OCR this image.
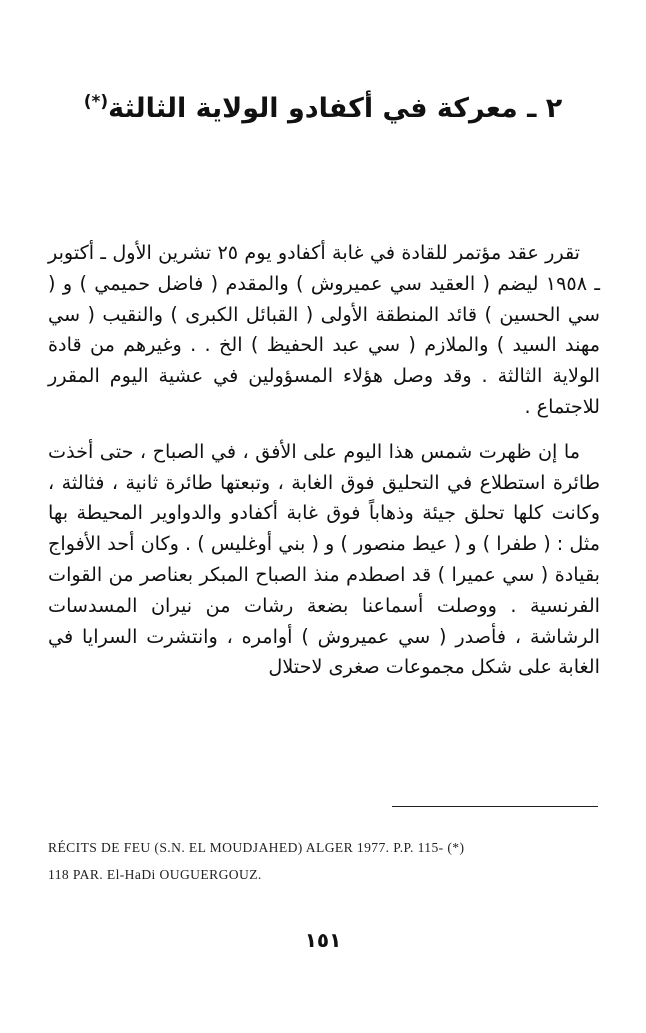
٢ ـ معركة في أكفادو الولاية الثالثة(*)

تقرر عقد مؤتمر للقادة في غابة أكفادو يوم ٢٥ تشرين الأول ـ أكتوبر ـ ١٩٥٨ ليضم ( العقيد سي عميروش ) والمقدم ( فاضل حميمي ) و ( سي الحسين ) قائد المنطقة الأولى ( القبائل الكبرى ) والنقيب ( سي مهند السيد ) والملازم ( سي عبد الحفيظ ) الخ . . وغيرهم من قادة الولاية الثالثة . وقد وصل هؤلاء المسؤولين في عشية اليوم المقرر للاجتماع .

ما إن ظهرت شمس هذا اليوم على الأفق ، في الصباح ، حتى أخذت طائرة استطلاع في التحليق فوق الغابة ، وتبعتها طائرة ثانية ، فثالثة ، وكانت كلها تحلق جيئة وذهاباً فوق غابة أكفادو والدواوير المحيطة بها مثل : ( طفرا ) و ( عيط منصور ) و ( بني أوغليس ) . وكان أحد الأفواج بقيادة ( سي عميرا ) قد اصطدم منذ الصباح المبكر بعناصر من القوات الفرنسية . ووصلت أسماعنا بضعة رشات من نيران المسدسات الرشاشة ، فأصدر ( سي عميروش ) أوامره ، وانتشرت السرايا في الغابة على شكل مجموعات صغرى لاحتلال

RÉCITS DE FEU (S.N. EL MOUDJAHED) ALGER 1977. P.P. 115- (*)
118 PAR. El-HaDi OUGUERGOUZ.
١٥١
